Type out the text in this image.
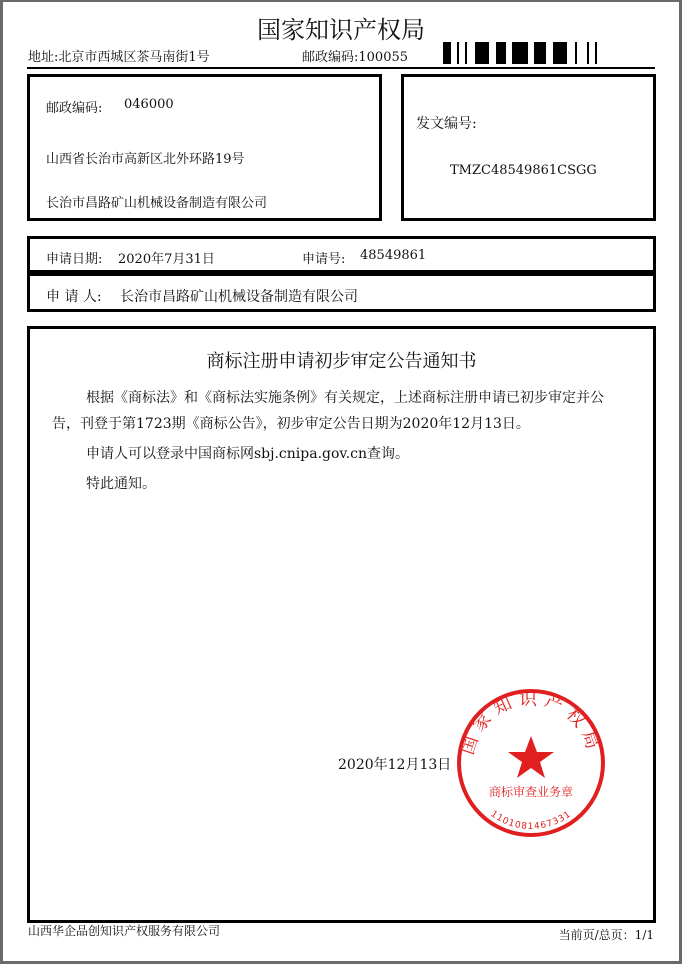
国家知识产权局
地址:北京市西城区茶马南街1号	邮政编码:100055
邮政编码: 046000
山西省长治市高新区北外环路19号
长治市昌路矿山机械设备制造有限公司
发文编号:
TMZC48549861CSGG
申请日期: 2020年7月31日	申请号: 48549861
申 请 人: 长治市昌路矿山机械设备制造有限公司
商标注册申请初步审定公告通知书
根据《商标法》和《商标法实施条例》有关规定，上述商标注册申请已初步审定并公
告，刊登于第1723期《商标公告》，初步审定公告日期为2020年12月13日。
申请人可以登录中国商标网sbj.cnipa.gov.cn查询。
特此通知。
国家知识产权局
商标审查业务章
1101081467331
2020年12月13日
山西华企品创知识产权服务有限公司	当前页/总页：1/1
